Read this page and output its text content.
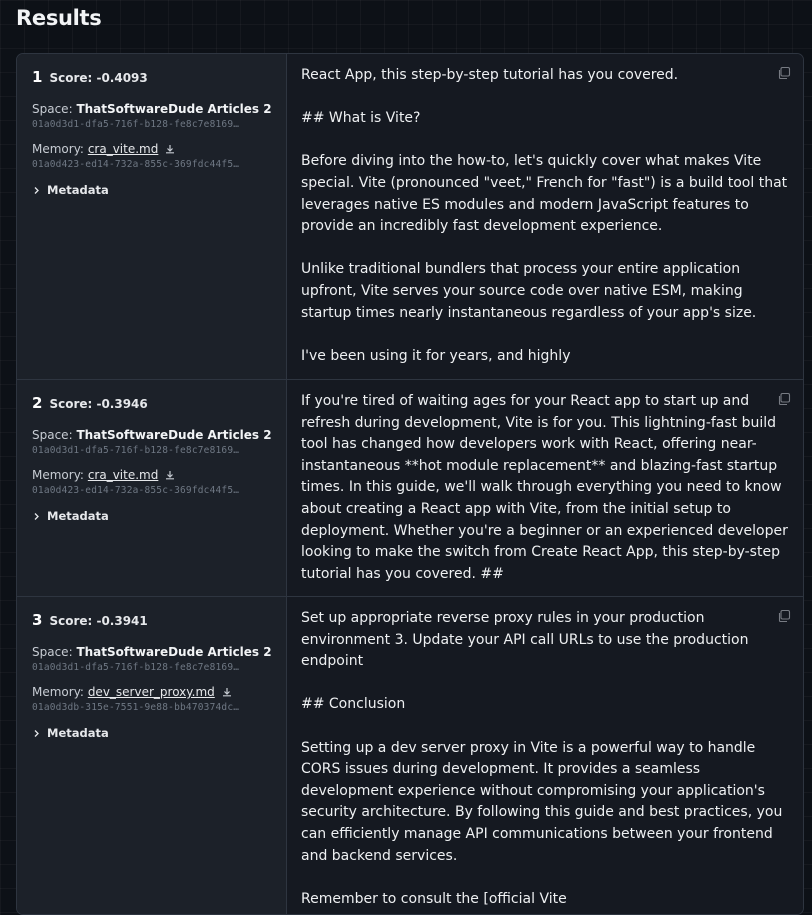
Results
1 Score: -0.4093
Space: ThatSoftwareDude Articles 2
01a0d3d1-dfa5-716f-b128-fe8c7e8169…
Memory: cra_vite.md
01a0d423-ed14-732a-855c-369fdc44f5…
Metadata
React App, this step-by-step tutorial has you covered.

## What is Vite?

Before diving into the how-to, let's quickly cover what makes Vite special. Vite (pronounced "veet," French for "fast") is a build tool that leverages native ES modules and modern JavaScript features to provide an incredibly fast development experience.

Unlike traditional bundlers that process your entire application upfront, Vite serves your source code over native ESM, making startup times nearly instantaneous regardless of your app's size.

I've been using it for years, and highly
2 Score: -0.3946
Space: ThatSoftwareDude Articles 2
01a0d3d1-dfa5-716f-b128-fe8c7e8169…
Memory: cra_vite.md
01a0d423-ed14-732a-855c-369fdc44f5…
Metadata
If you're tired of waiting ages for your React app to start up and refresh during development, Vite is for you. This lightning-fast build tool has changed how developers work with React, offering near-instantaneous **hot module replacement** and blazing-fast startup times. In this guide, we'll walk through everything you need to know about creating a React app with Vite, from the initial setup to deployment. Whether you're a beginner or an experienced developer looking to make the switch from Create React App, this step-by-step tutorial has you covered. ##
3 Score: -0.3941
Space: ThatSoftwareDude Articles 2
01a0d3d1-dfa5-716f-b128-fe8c7e8169…
Memory: dev_server_proxy.md
01a0d3db-315e-7551-9e88-bb470374dc…
Metadata
Set up appropriate reverse proxy rules in your production environment 3. Update your API call URLs to use the production endpoint

## Conclusion

Setting up a dev server proxy in Vite is a powerful way to handle CORS issues during development. It provides a seamless development experience without compromising your application's security architecture. By following this guide and best practices, you can efficiently manage API communications between your frontend and backend services.

Remember to consult the [official Vite
